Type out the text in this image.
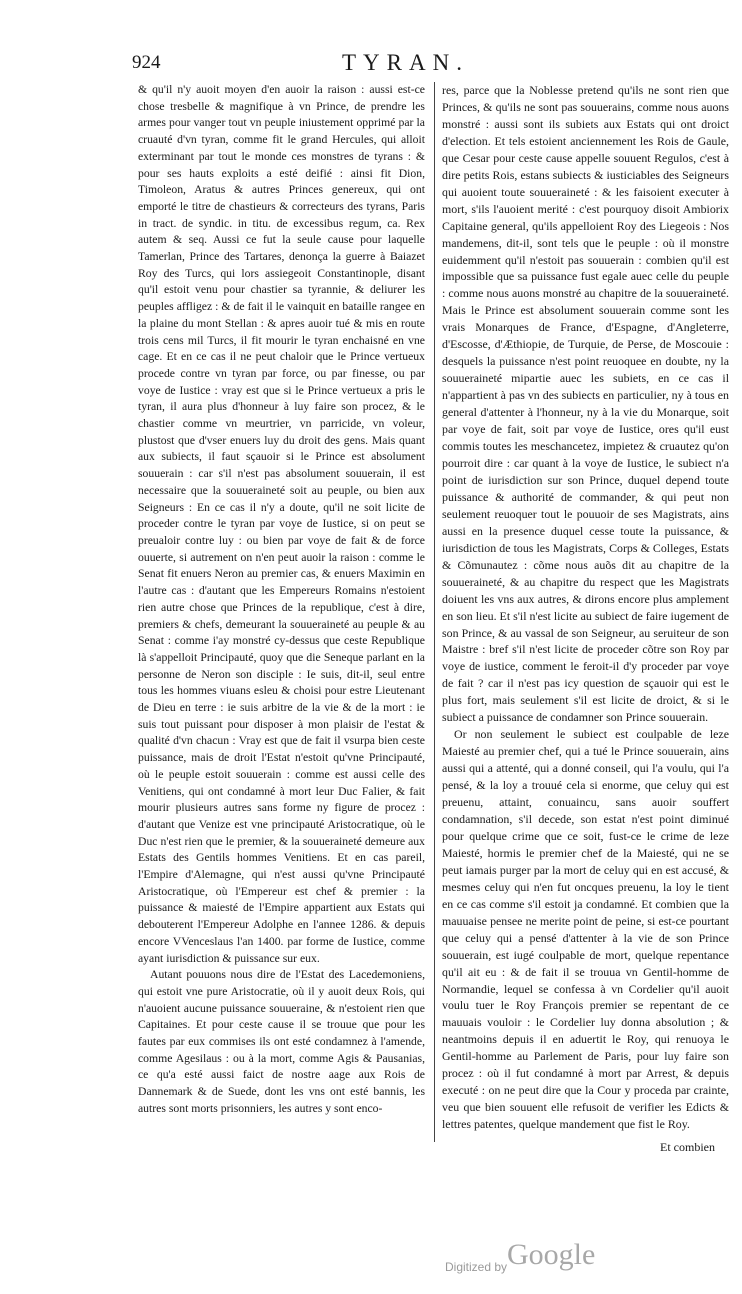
924	TYRAN.

& qu'il n'y auoit moyen d'en auoir la raison : aussi est-ce chose tresbelle & magnifique à vn Prince, de prendre les armes pour vanger tout vn peuple iniustement opprimé par la cruauté d'vn tyran, comme fit le grand Hercules, qui alloit exterminant par tout le monde ces monstres de tyrans : & pour ses hauts exploits a esté deifié : ainsi fit Dion, Timoleon, Aratus & autres Princes genereux, qui ont emporté le titre de chastieurs & correcteurs des tyrans, Paris in tract. de syndic. in titu. de excessibus regum, ca. Rex autem & seq. Aussi ce fut la seule cause pour laquelle Tamerlan, Prince des Tartares, denonça la guerre à Baiazet Roy des Turcs, qui lors assiegeoit Constantinople, disant qu'il estoit venu pour chastier sa tyrannie, & deliurer les peuples affligez : & de fait il le vainquit en bataille rangee en la plaine du mont Stellan : & apres auoir tué & mis en route trois cens mil Turcs, il fit mourir le tyran enchaisné en vne cage. Et en ce cas il ne peut chaloir que le Prince vertueux procede contre vn tyran par force, ou par finesse, ou par voye de Iustice : vray est que si le Prince vertueux a pris le tyran, il aura plus d'honneur à luy faire son procez, & le chastier comme vn meurtrier, vn parricide, vn voleur, plustost que d'vser enuers luy du droit des gens. Mais quant aux subiects, il faut sçauoir si le Prince est absolument souuerain : car s'il n'est pas absolument souuerain, il est necessaire que la souueraineté soit au peuple, ou bien aux Seigneurs : En ce cas il n'y a doute, qu'il ne soit licite de proceder contre le tyran par voye de Iustice, si on peut se preualoir contre luy : ou bien par voye de fait & de force ouuerte, si autrement on n'en peut auoir la raison : comme le Senat fit enuers Neron au premier cas, & enuers Maximin en l'autre cas : d'autant que les Empereurs Romains n'estoient rien autre chose que Princes de la republique, c'est à dire, premiers & chefs, demeurant la souueraineté au peuple & au Senat : comme i'ay monstré cy-dessus que ceste Republique là s'appelloit Principauté, quoy que die Seneque parlant en la personne de Neron son disciple : Ie suis, dit-il, seul entre tous les hommes viuans esleu & choisi pour estre Lieutenant de Dieu en terre : ie suis arbitre de la vie & de la mort : ie suis tout puissant pour disposer à mon plaisir de l'estat & qualité d'vn chacun : Vray est que de fait il vsurpa bien ceste puissance, mais de droit l'Estat n'estoit qu'vne Principauté, où le peuple estoit souuerain : comme est aussi celle des Venitiens, qui ont condamné à mort leur Duc Falier, & fait mourir plusieurs autres sans forme ny figure de procez : d'autant que Venize est vne principauté Aristocratique, où le Duc n'est rien que le premier, & la souueraineté demeure aux Estats des Gentils hommes Venitiens. Et en cas pareil, l'Empire d'Alemagne, qui n'est aussi qu'vne Principauté Aristocratique, où l'Empereur est chef & premier : la puissance & maiesté de l'Empire appartient aux Estats qui debouterent l'Empereur Adolphe en l'annee 1286. & depuis encore VVenceslaus l'an 1400. par forme de Iustice, comme ayant iurisdiction & puissance sur eux.

Autant pouuons nous dire de l'Estat des Lacedemoniens, qui estoit vne pure Aristocratie, où il y auoit deux Rois, qui n'auoient aucune puissance souueraine, & n'estoient rien que Capitaines. Et pour ceste cause il se trouue que pour les fautes par eux commises ils ont esté condamnez à l'amende, comme Agesilaus : ou à la mort, comme Agis & Pausanias, ce qu'a esté aussi faict de nostre aage aux Rois de Dannemark & de Suede, dont les vns ont esté bannis, les autres sont morts prisonniers, les autres y sont enco-

res, parce que la Noblesse pretend qu'ils ne sont rien que Princes, & qu'ils ne sont pas souuerains, comme nous auons monstré : aussi sont ils subiets aux Estats qui ont droict d'election. Et tels estoient anciennement les Rois de Gaule, que Cesar pour ceste cause appelle souuent Regulos, c'est à dire petits Rois, estans subiects & iusticiables des Seigneurs qui auoient toute souueraineté : & les faisoient executer à mort, s'ils l'auoient merité : c'est pourquoy disoit Ambiorix Capitaine general, qu'ils appelloient Roy des Liegeois : Nos mandemens, dit-il, sont tels que le peuple : où il monstre euidemment qu'il n'estoit pas souuerain : combien qu'il est impossible que sa puissance fust egale auec celle du peuple : comme nous auons monstré au chapitre de la souueraineté. Mais le Prince est absolument souuerain comme sont les vrais Monarques de France, d'Espagne, d'Angleterre, d'Escosse, d'Æthiopie, de Turquie, de Perse, de Moscouie : desquels la puissance n'est point reuoquee en doubte, ny la souueraineté mipartie auec les subiets, en ce cas il n'appartient à pas vn des subiects en particulier, ny à tous en general d'attenter à l'honneur, ny à la vie du Monarque, soit par voye de fait, soit par voye de Iustice, ores qu'il eust commis toutes les meschancetez, impietez & cruautez qu'on pourroit dire : car quant à la voye de Iustice, le subiect n'a point de iurisdiction sur son Prince, duquel depend toute puissance & authorité de commander, & qui peut non seulement reuoquer tout le pouuoir de ses Magistrats, ains aussi en la presence duquel cesse toute la puissance, & iurisdiction de tous les Magistrats, Corps & Colleges, Estats & Cõmunautez : cõme nous auõs dit au chapitre de la souueraineté, & au chapitre du respect que les Magistrats doiuent les vns aux autres, & dirons encore plus amplement en son lieu. Et s'il n'est licite au subiect de faire iugement de son Prince, & au vassal de son Seigneur, au seruiteur de son Maistre : bref s'il n'est licite de proceder cõtre son Roy par voye de iustice, comment le feroit-il d'y proceder par voye de fait ? car il n'est pas icy question de sçauoir qui est le plus fort, mais seulement s'il est licite de droict, & si le subiect a puissance de condamner son Prince souuerain.

Or non seulement le subiect est coulpable de leze Maiesté au premier chef, qui a tué le Prince souuerain, ains aussi qui a attenté, qui a donné conseil, qui l'a voulu, qui l'a pensé, & la loy a trouué cela si enorme, que celuy qui est preuenu, attaint, conuaincu, sans auoir souffert condamnation, s'il decede, son estat n'est point diminué pour quelque crime que ce soit, fust-ce le crime de leze Maiesté, hormis le premier chef de la Maiesté, qui ne se peut iamais purger par la mort de celuy qui en est accusé, & mesmes celuy qui n'en fut oncques preuenu, la loy le tient en ce cas comme s'il estoit ja condamné. Et combien que la mauuaise pensee ne merite point de peine, si est-ce pourtant que celuy qui a pensé d'attenter à la vie de son Prince souuerain, est iugé coulpable de mort, quelque repentance qu'il ait eu : & de fait il se trouua vn Gentil-homme de Normandie, lequel se confessa à vn Cordelier qu'il auoit voulu tuer le Roy François premier se repentant de ce mauuais vouloir : le Cordelier luy donna absolution ; & neantmoins depuis il en aduertit le Roy, qui renuoya le Gentil-homme au Parlement de Paris, pour luy faire son procez : où il fut condamné à mort par Arrest, & depuis executé : on ne peut dire que la Cour y proceda par crainte, veu que bien souuent elle refusoit de verifier les Edicts & lettres patentes, quelque mandement que fist le Roy.

Et combien
Digitized by Google
